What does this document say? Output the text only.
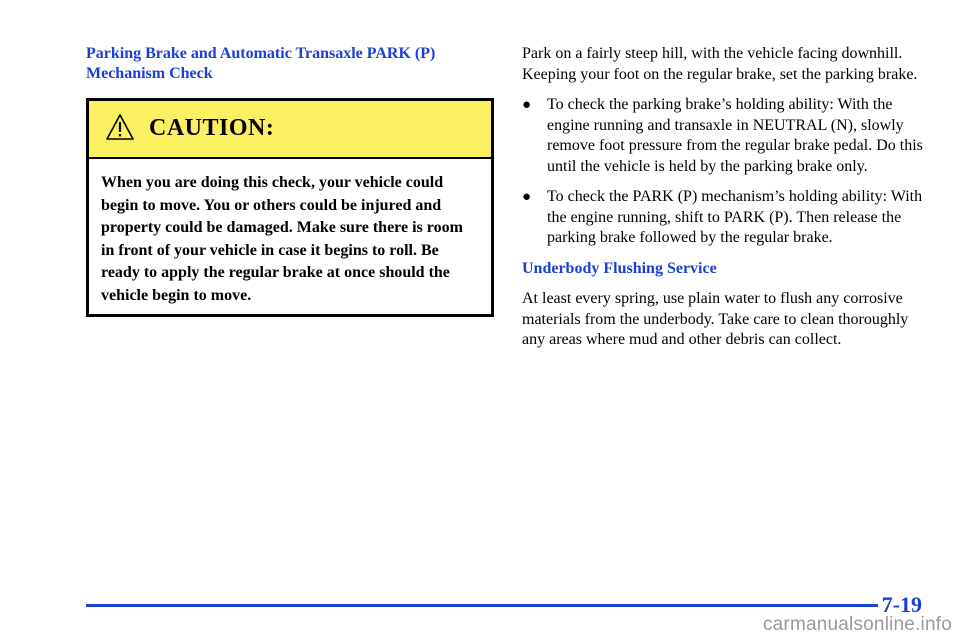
Parking Brake and Automatic Transaxle PARK (P) Mechanism Check
CAUTION:
When you are doing this check, your vehicle could begin to move. You or others could be injured and property could be damaged. Make sure there is room in front of your vehicle in case it begins to roll. Be ready to apply the regular brake at once should the vehicle begin to move.

Park on a fairly steep hill, with the vehicle facing downhill. Keeping your foot on the regular brake, set the parking brake.

● To check the parking brake’s holding ability: With the engine running and transaxle in NEUTRAL (N), slowly remove foot pressure from the regular brake pedal. Do this until the vehicle is held by the parking brake only.
● To check the PARK (P) mechanism’s holding ability: With the engine running, shift to PARK (P). Then release the parking brake followed by the regular brake.

Underbody Flushing Service

At least every spring, use plain water to flush any corrosive materials from the underbody. Take care to clean thoroughly any areas where mud and other debris can collect.

7-19
carmanualsonline.info
